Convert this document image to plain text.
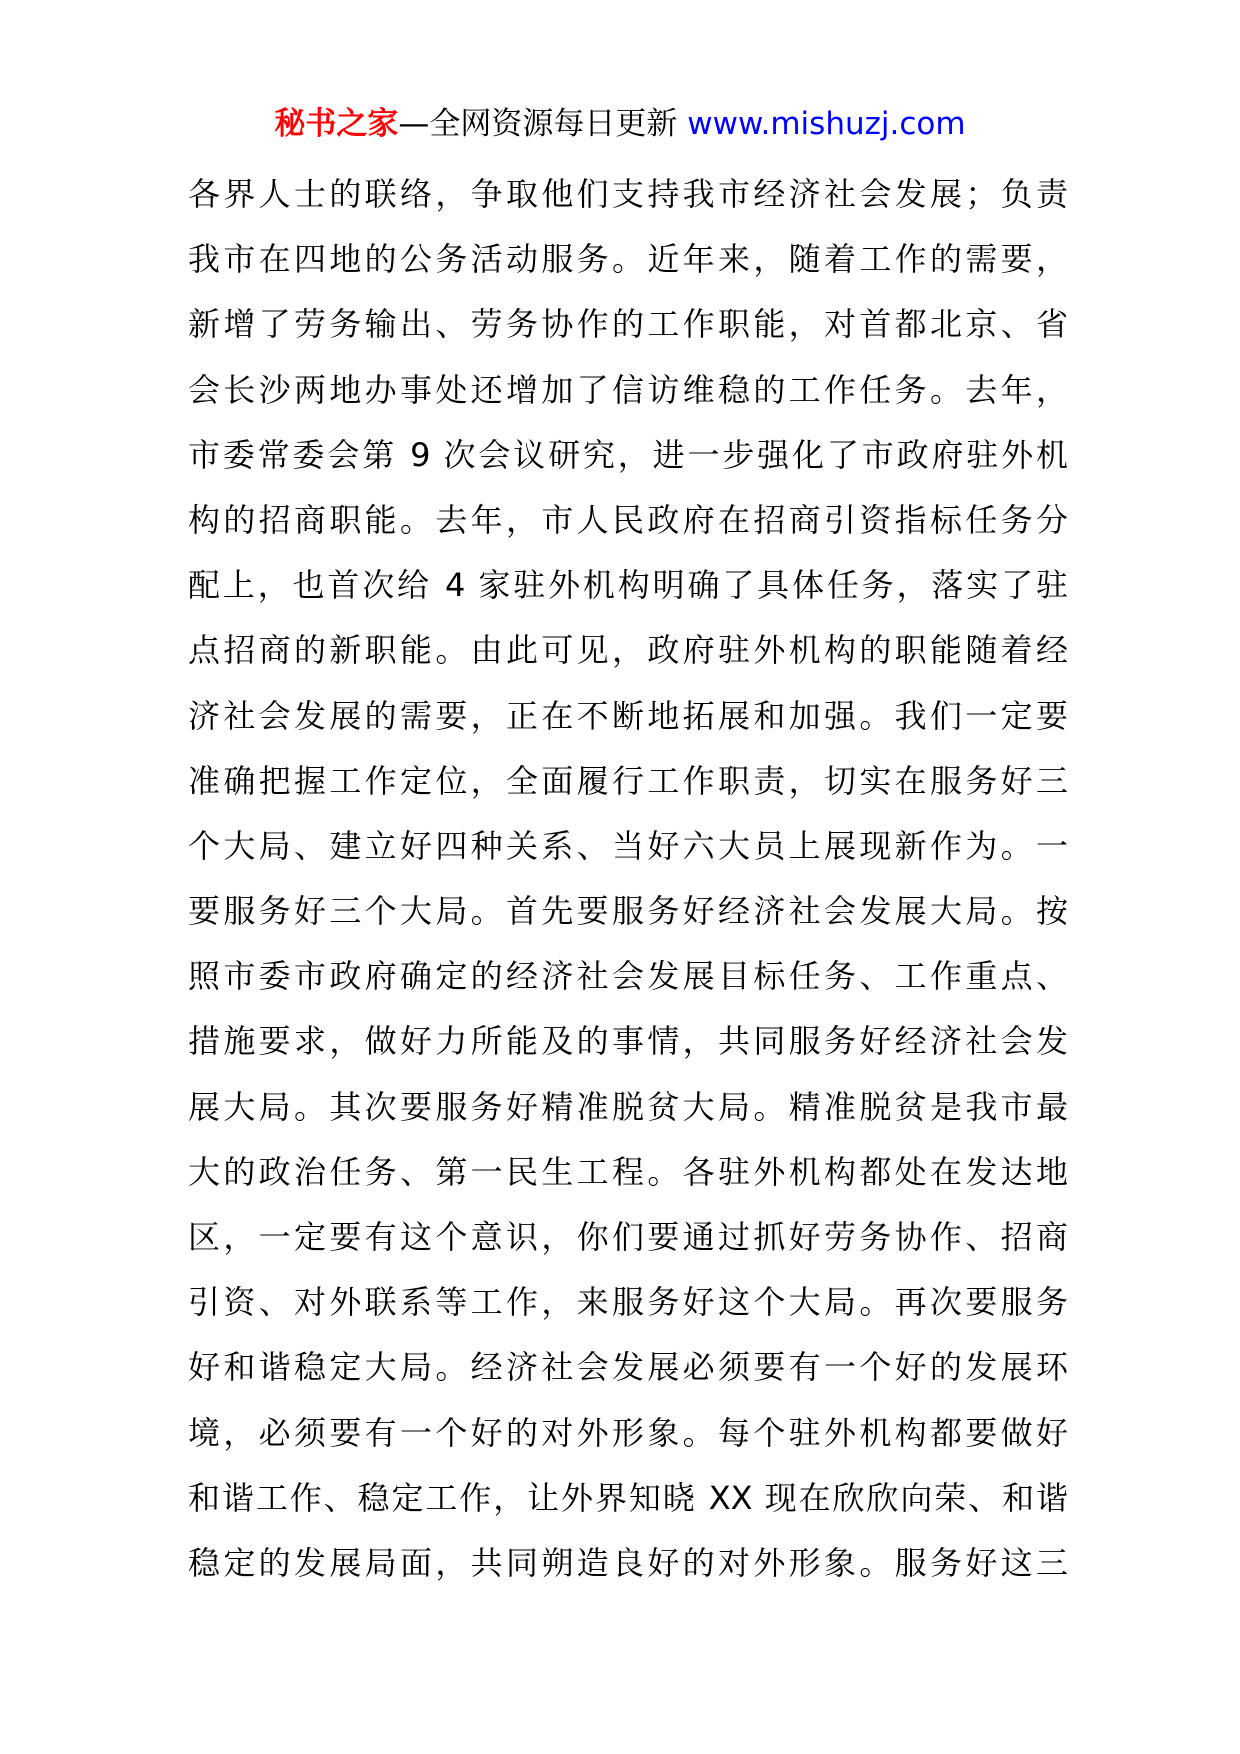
秘书之家—全网资源每日更新 www.mishuzj.com
各界人士的联络，争取他们支持我市经济社会发展；负责
我市在四地的公务活动服务。近年来，随着工作的需要，
新增了劳务输出、劳务协作的工作职能，对首都北京、省
会长沙两地办事处还增加了信访维稳的工作任务。去年，
市委常委会第 9 次会议研究，进一步强化了市政府驻外机
构的招商职能。去年，市人民政府在招商引资指标任务分
配上，也首次给 4 家驻外机构明确了具体任务，落实了驻
点招商的新职能。由此可见，政府驻外机构的职能随着经
济社会发展的需要，正在不断地拓展和加强。我们一定要
准确把握工作定位，全面履行工作职责，切实在服务好三
个大局、建立好四种关系、当好六大员上展现新作为。一
要服务好三个大局。首先要服务好经济社会发展大局。按
照市委市政府确定的经济社会发展目标任务、工作重点、
措施要求，做好力所能及的事情，共同服务好经济社会发
展大局。其次要服务好精准脱贫大局。精准脱贫是我市最
大的政治任务、第一民生工程。各驻外机构都处在发达地
区，一定要有这个意识，你们要通过抓好劳务协作、招商
引资、对外联系等工作，来服务好这个大局。再次要服务
好和谐稳定大局。经济社会发展必须要有一个好的发展环
境，必须要有一个好的对外形象。每个驻外机构都要做好
和谐工作、稳定工作，让外界知晓 XX 现在欣欣向荣、和谐
稳定的发展局面，共同朔造良好的对外形象。服务好这三
